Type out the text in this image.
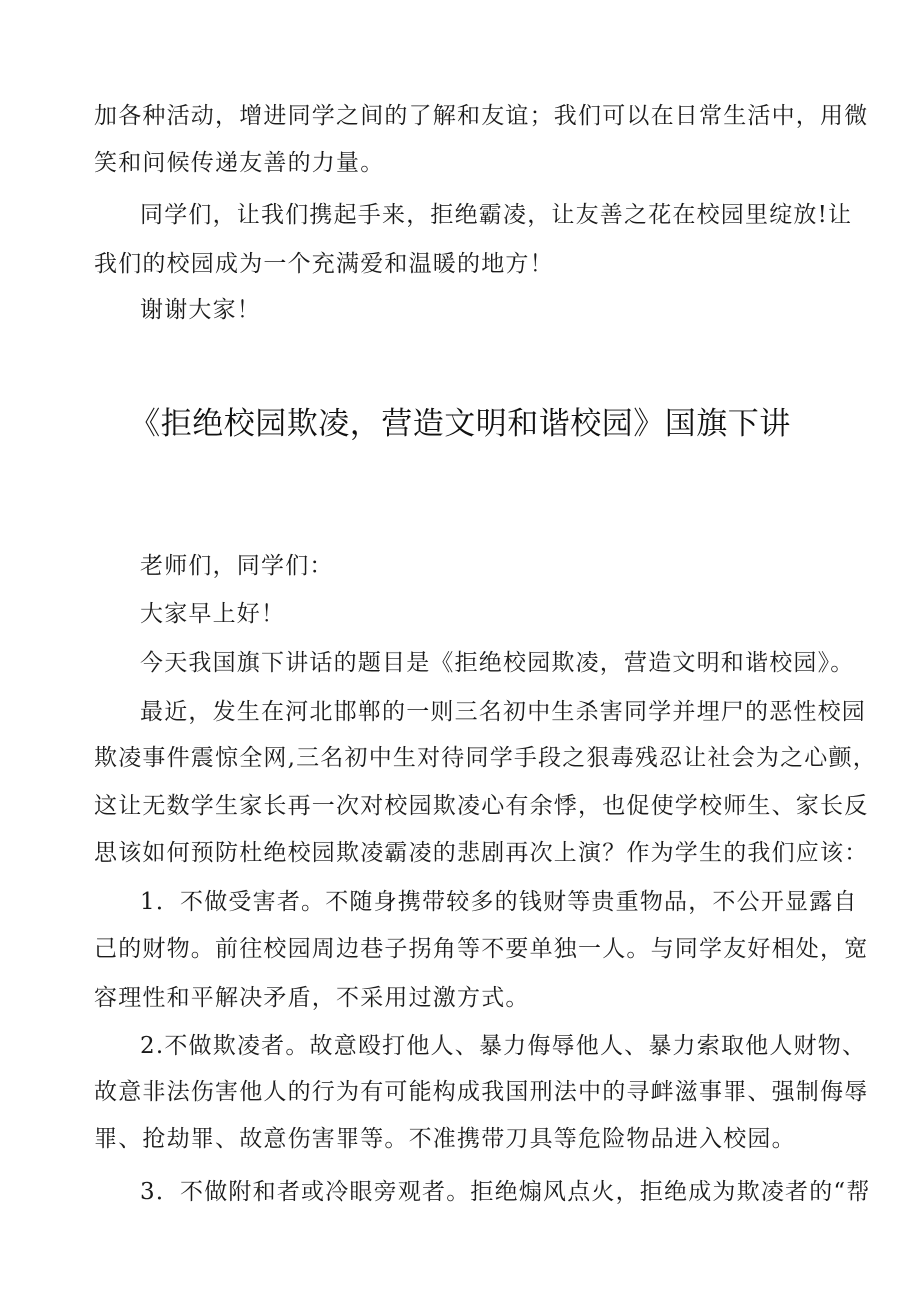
加各种活动，增进同学之间的了解和友谊；我们可以在日常生活中，用微
笑和问候传递友善的力量。
同学们，让我们携起手来，拒绝霸凌，让友善之花在校园里绽放!让
我们的校园成为一个充满爱和温暖的地方！
谢谢大家！
《拒绝校园欺凌，营造文明和谐校园》国旗下讲
老师们，同学们：
大家早上好！
今天我国旗下讲话的题目是《拒绝校园欺凌，营造文明和谐校园》。
最近，发生在河北邯郸的一则三名初中生杀害同学并埋尸的恶性校园
欺凌事件震惊全网,三名初中生对待同学手段之狠毒残忍让社会为之心颤，
这让无数学生家长再一次对校园欺凌心有余悸，也促使学校师生、家长反
思该如何预防杜绝校园欺凌霸凌的悲剧再次上演？作为学生的我们应该：
1．不做受害者。不随身携带较多的钱财等贵重物品，不公开显露自
己的财物。前往校园周边巷子拐角等不要单独一人。与同学友好相处，宽
容理性和平解决矛盾，不采用过激方式。
2.不做欺凌者。故意殴打他人、暴力侮辱他人、暴力索取他人财物、
故意非法伤害他人的行为有可能构成我国刑法中的寻衅滋事罪、强制侮辱
罪、抢劫罪、故意伤害罪等。不准携带刀具等危险物品进入校园。
3．不做附和者或冷眼旁观者。拒绝煽风点火，拒绝成为欺凌者的“帮
